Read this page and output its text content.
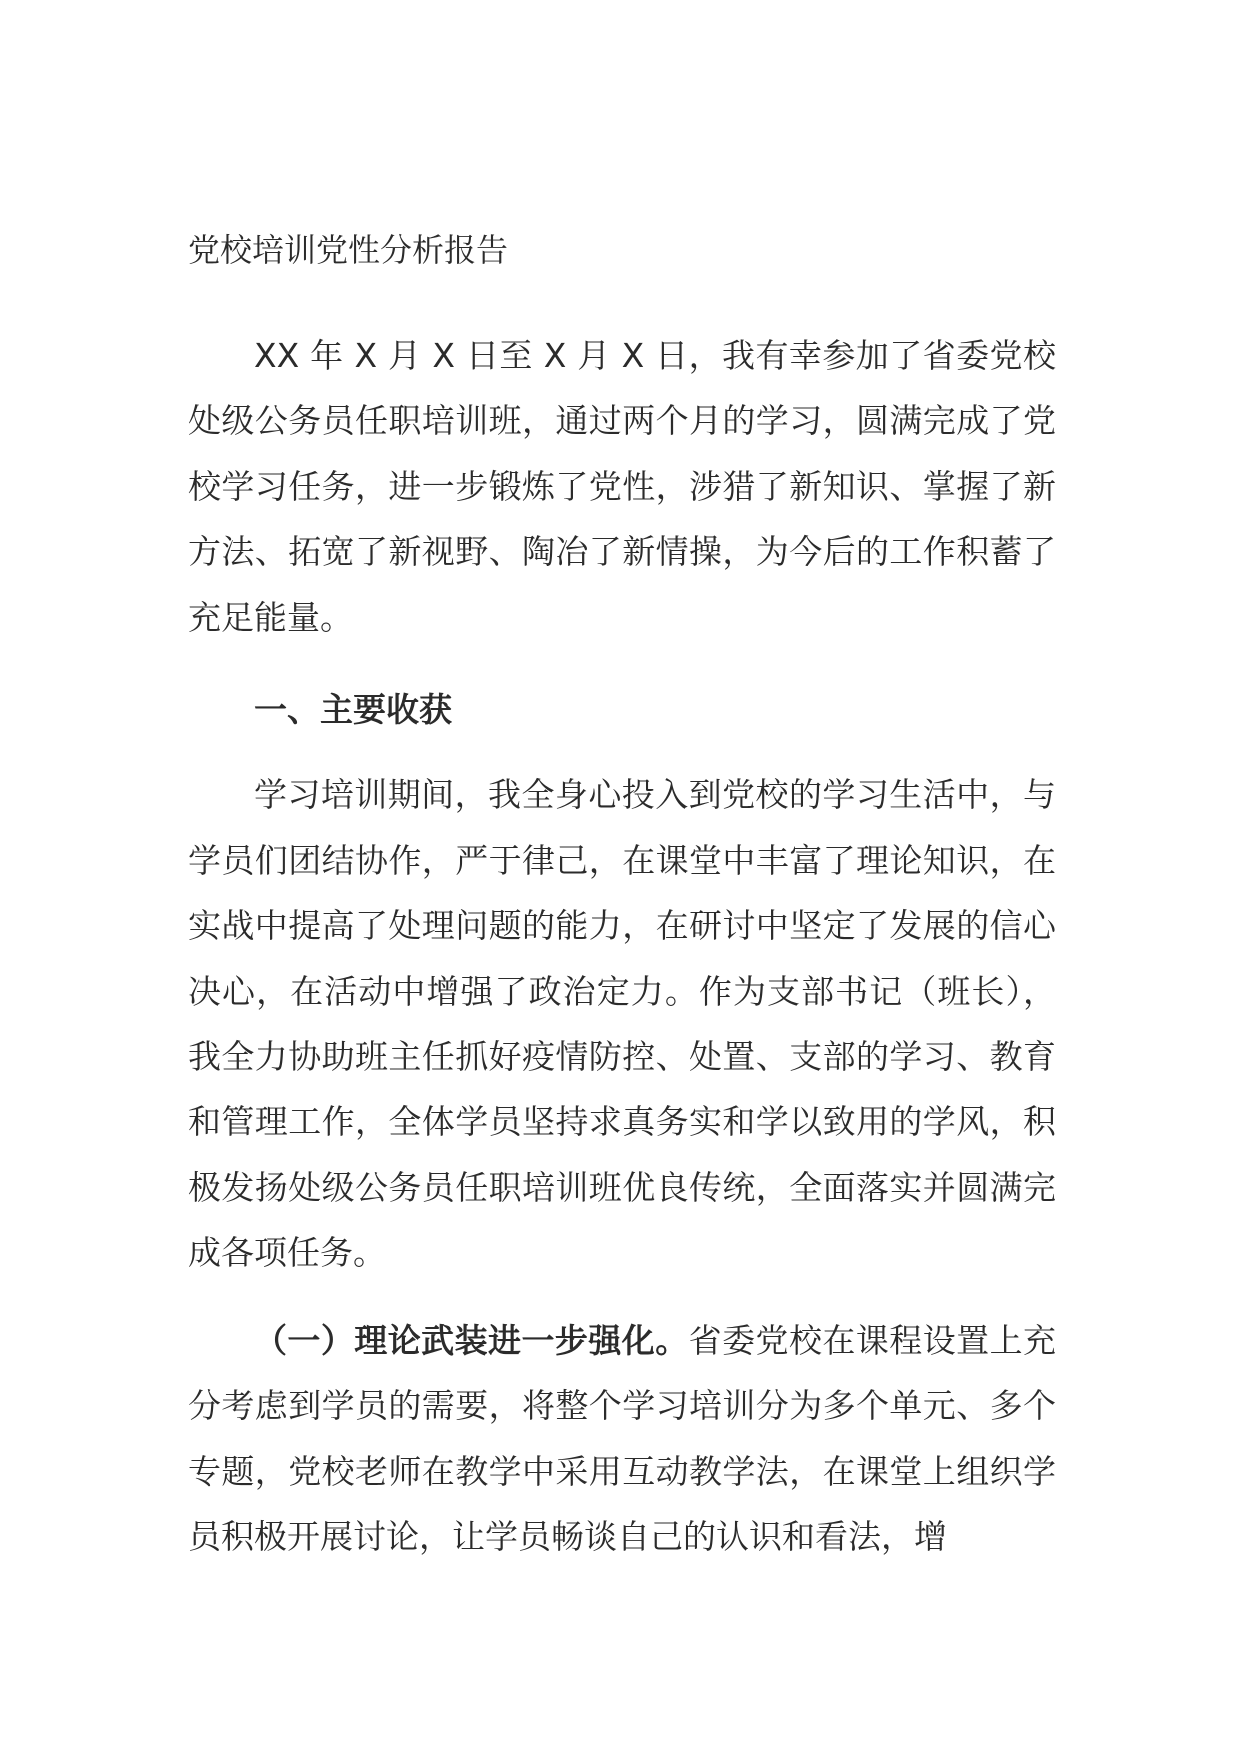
党校培训党性分析报告

XX 年 X 月 X 日至 X 月 X 日，我有幸参加了省委党校处级公务员任职培训班，通过两个月的学习，圆满完成了党校学习任务，进一步锻炼了党性，涉猎了新知识、掌握了新方法、拓宽了新视野、陶冶了新情操，为今后的工作积蓄了充足能量。

一、主要收获

学习培训期间，我全身心投入到党校的学习生活中，与学员们团结协作，严于律己，在课堂中丰富了理论知识，在实战中提高了处理问题的能力，在研讨中坚定了发展的信心决心，在活动中增强了政治定力。作为支部书记（班长），我全力协助班主任抓好疫情防控、处置、支部的学习、教育和管理工作，全体学员坚持求真务实和学以致用的学风，积极发扬处级公务员任职培训班优良传统，全面落实并圆满完成各项任务。

（一）理论武装进一步强化。省委党校在课程设置上充分考虑到学员的需要，将整个学习培训分为多个单元、多个专题，党校老师在教学中采用互动教学法，在课堂上组织学员积极开展讨论，让学员畅谈自己的认识和看法，增
